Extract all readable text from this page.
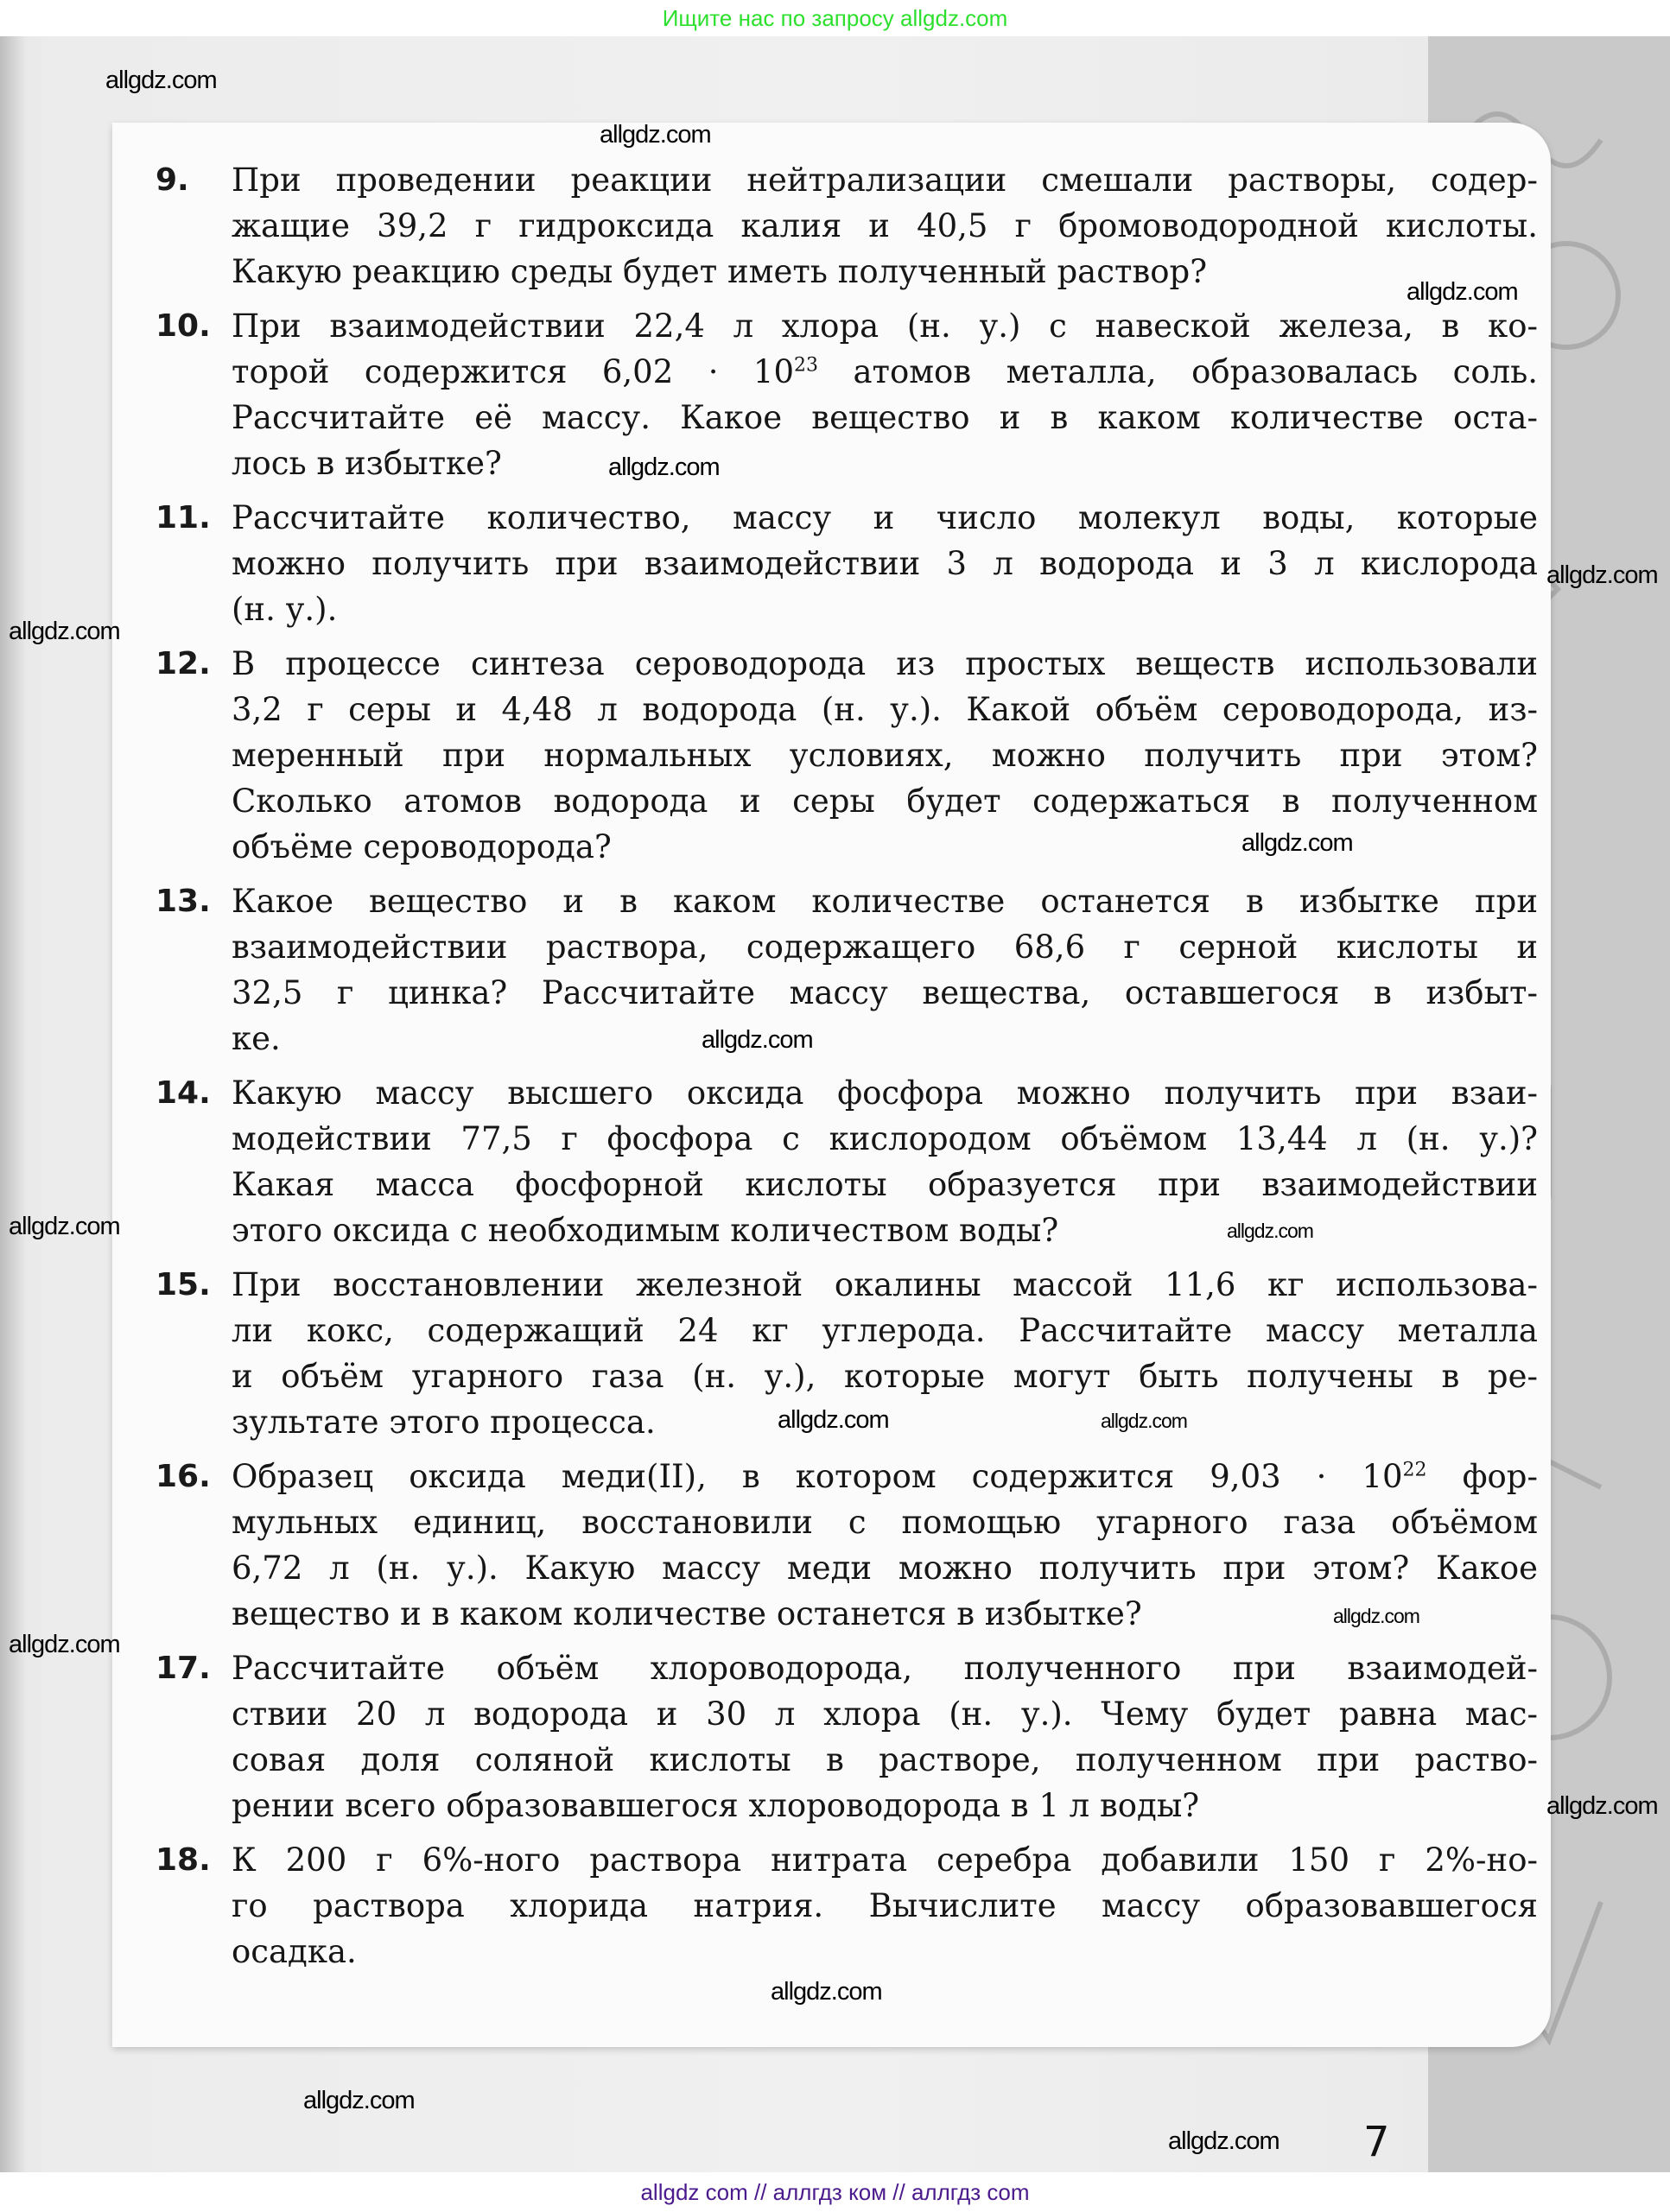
Ищите нас по запросу allgdz.com
7
9.	При проведении реакции нейтрализации смешали растворы, содер-
жащие 39,2 г гидроксида калия и 40,5 г бромоводородной кислоты.
Какую реакцию среды будет иметь полученный раствор?
10. При взаимодействии 22,4 л хлора (н. у.) с навеской железа, в ко-
торой содержится $6,02 \cdot 10^{23}$ атомов металла, образовалась соль.
Рассчитайте её массу. Какое вещество и в каком количестве оста-
лось в избытке?
11. Рассчитайте количество, массу и число молекул воды, которые
можно получить при взаимодействии 3 л водорода и 3 л кислорода
(н. у.).
12. В процессе синтеза сероводорода из простых веществ использовали
3,2 г серы и 4,48 л водорода (н. у.). Какой объём сероводорода, из-
меренный при нормальных условиях, можно получить при этом?
Сколько атомов водорода и серы будет содержаться в полученном
объёме сероводорода?
13. Какое вещество и в каком количестве останется в избытке при
взаимодействии раствора, содержащего 68,6 г серной кислоты и
32,5 г цинка? Рассчитайте массу вещества, оставшегося в избыт-
ке.
14. Какую массу высшего оксида фосфора можно получить при взаи-
модействии 77,5 г фосфора с кислородом объёмом 13,44 л (н. у.)?
Какая масса фосфорной кислоты образуется при взаимодействии
этого оксида с необходимым количеством воды?
15. При восстановлении железной окалины массой 11,6 кг использова-
ли кокс, содержащий 24 кг углерода. Рассчитайте массу металла
и объём угарного газа (н. у.), которые могут быть получены в ре-
зультате этого процесса.
16. Образец оксида меди(II), в котором содержится $9,03 \cdot 10^{22}$ фор-
мульных единиц, восстановили с помощью угарного газа объёмом
6,72 л (н. у.). Какую массу меди можно получить при этом? Какое
вещество и в каком количестве останется в избытке?
17. Рассчитайте объём хлороводорода, полученного при взаимодей-
ствии 20 л водорода и 30 л хлора (н. у.). Чему будет равна мас-
совая доля соляной кислоты в растворе, полученном при раство-
рении всего образовавшегося хлороводорода в 1 л воды?
18. К 200 г 6%-ного раствора нитрата серебра добавили 150 г 2%-но-
го раствора хлорида натрия. Вычислите массу образовавшегося
осадка.
allgdz.com
allgdz.com
allgdz.com
allgdz.com
allgdz.com
allgdz.com
allgdz.com
allgdz.com
allgdz.com	allgdz.com
allgdz.com
allgdz.com
allgdz.com
allgdz.com
allgdz.com
allgdz.com
allgdz.com
allgdz.com
allgdz com // аллгдз ком // аллгдз com
